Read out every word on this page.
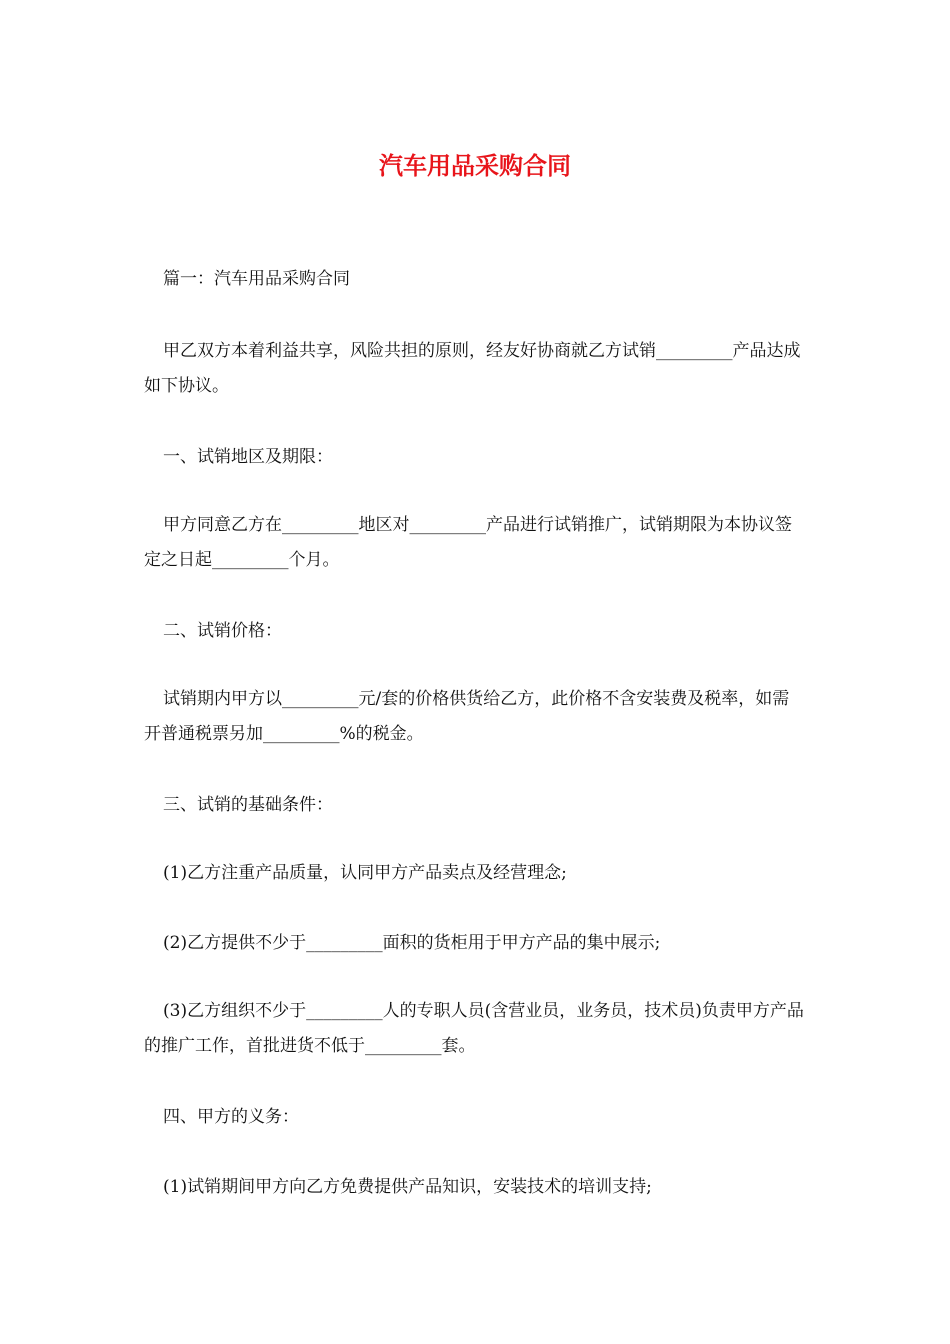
汽车用品采购合同

篇一：汽车用品采购合同

甲乙双方本着利益共享，风险共担的原则，经友好协商就乙方试销_________产品达成如下协议。

一、试销地区及期限：

甲方同意乙方在_________地区对_________产品进行试销推广，试销期限为本协议签定之日起_________个月。

二、试销价格：

试销期内甲方以_________元/套的价格供货给乙方，此价格不含安装费及税率，如需开普通税票另加_________%的税金。

三、试销的基础条件：

(1)乙方注重产品质量，认同甲方产品卖点及经营理念;

(2)乙方提供不少于_________面积的货柜用于甲方产品的集中展示;

(3)乙方组织不少于_________人的专职人员(含营业员，业务员，技术员)负责甲方产品的推广工作，首批进货不低于_________套。

四、甲方的义务：

(1)试销期间甲方向乙方免费提供产品知识，安装技术的培训支持;
